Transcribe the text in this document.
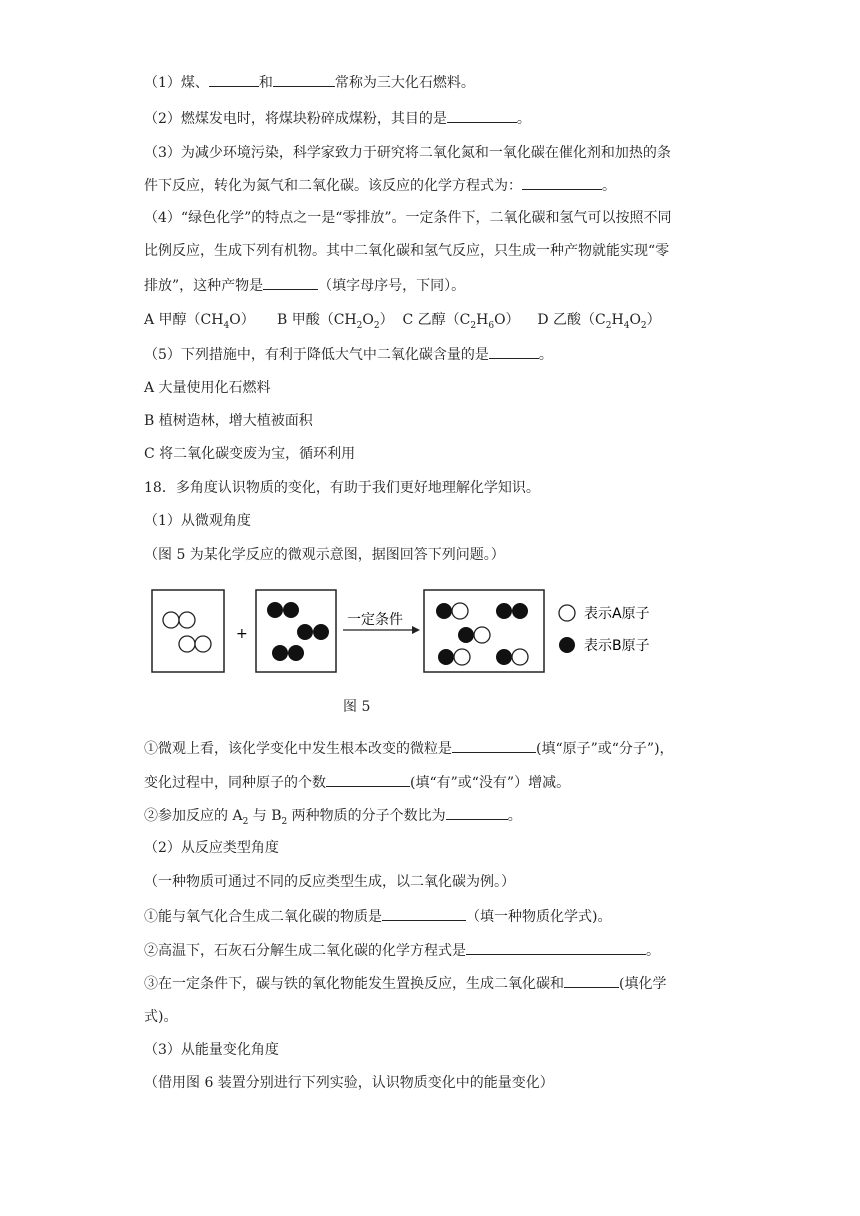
（1）煤、	和	常称为三大化石燃料。
（2）燃煤发电时，将煤块粉碎成煤粉，其目的是	。
（3）为减少环境污染，科学家致力于研究将二氧化氮和一氧化碳在催化剂和加热的条
件下反应，转化为氮气和二氧化碳。该反应的化学方程式为：	。
（4）“绿色化学”的特点之一是“零排放”。一定条件下，二氧化碳和氢气可以按照不同
比例反应，生成下列有机物。其中二氧化碳和氢气反应，只生成一种产物就能实现“零
排放”，这种产物是	（填字母序号，下同）。
A 甲醇$(CH_4O)$ B 甲酸$(CH_2O_2)$ C 乙醇$(C_2H_6O)$ D 乙酸$(C_2H_4O_2)$
（5）下列措施中，有利于降低大气中二氧化碳含量的是	。
A 大量使用化石燃料
B 植树造林，增大植被面积
C 将二氧化碳变废为宝，循环利用
18．多角度认识物质的变化，有助于我们更好地理解化学知识。
（1）从微观角度
（图 5 为某化学反应的微观示意图，据图回答下列问题。）
+
一定条件	表示A原子
表示B原子
图 5
①微观上看，该化学变化中发生根本改变的微粒是	(填“原子”或“分子”)，
变化过程中，同种原子的个数	(填“有”或“没有”）增减。
②参加反应的 $A_2$ 与 $B_2$ 两种物质的分子个数比为	。
（2）从反应类型角度
（一种物质可通过不同的反应类型生成，以二氧化碳为例。）
①能与氧气化合生成二氧化碳的物质是	（填一种物质化学式)。
②高温下，石灰石分解生成二氧化碳的化学方程式是	。
③在一定条件下，碳与铁的氧化物能发生置换反应，生成二氧化碳和	(填化学
式)。
（3）从能量变化角度
（借用图 6 装置分别进行下列实验，认识物质变化中的能量变化）
